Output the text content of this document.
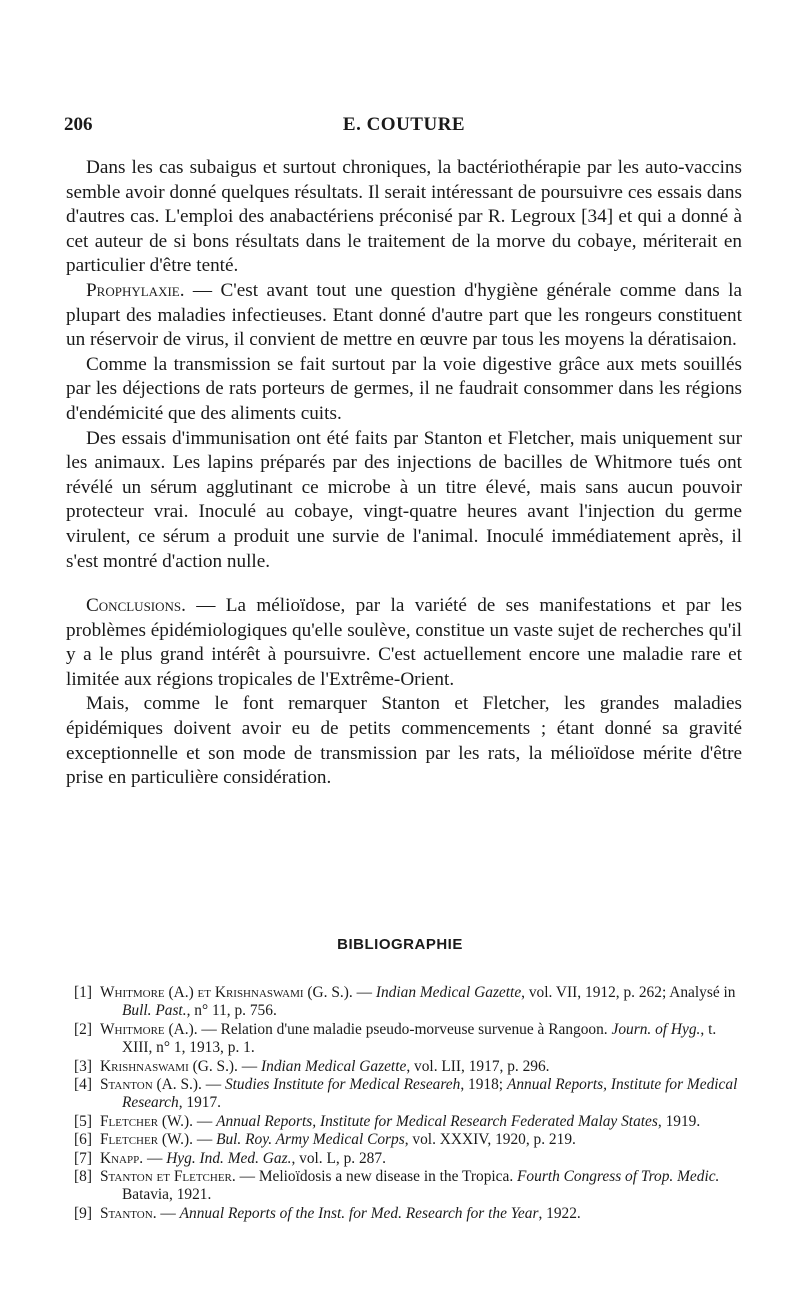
206	E. COUTURE

Dans les cas subaigus et surtout chroniques, la bactériothérapie par les auto-vaccins semble avoir donné quelques résultats. Il serait intéressant de poursuivre ces essais dans d'autres cas. L'emploi des anabactériens préconisé par R. Legroux [34] et qui a donné à cet auteur de si bons résultats dans le traitement de la morve du cobaye, mériterait en particulier d'être tenté.

Prophylaxie. — C'est avant tout une question d'hygiène générale comme dans la plupart des maladies infectieuses. Etant donné d'autre part que les rongeurs constituent un réservoir de virus, il convient de mettre en œuvre par tous les moyens la dératisaion.

Comme la transmission se fait surtout par la voie digestive grâce aux mets souillés par les déjections de rats porteurs de germes, il ne faudrait consommer dans les régions d'endémicité que des aliments cuits.

Des essais d'immunisation ont été faits par Stanton et Fletcher, mais uniquement sur les animaux. Les lapins préparés par des injections de bacilles de Whitmore tués ont révélé un sérum agglutinant ce microbe à un titre élevé, mais sans aucun pouvoir protecteur vrai. Inoculé au cobaye, vingt-quatre heures avant l'injection du germe virulent, ce sérum a produit une survie de l'animal. Inoculé immédiatement après, il s'est montré d'action nulle.

Conclusions. — La mélioïdose, par la variété de ses manifestations et par les problèmes épidémiologiques qu'elle soulève, constitue un vaste sujet de recherches qu'il y a le plus grand intérêt à poursuivre. C'est actuellement encore une maladie rare et limitée aux régions tropicales de l'Extrême-Orient.

Mais, comme le font remarquer Stanton et Fletcher, les grandes maladies épidémiques doivent avoir eu de petits commencements ; étant donné sa gravité exceptionnelle et son mode de transmission par les rats, la mélioïdose mérite d'être prise en particulière considération.

BIBLIOGRAPHIE
[1] Whitmore (A.) et Krishnaswami (G. S.). — Indian Medical Gazette, vol. VII, 1912, p. 262; Analysé in Bull. Past., n° 11, p. 756.
[2] Whitmore (A.). — Relation d'une maladie pseudo-morveuse survenue à Rangoon. Journ. of Hyg., t. XIII, n° 1, 1913, p. 1.
[3] Krishnaswami (G. S.). — Indian Medical Gazette, vol. LII, 1917, p. 296.
[4] Stanton (A. S.). — Studies Institute for Medical Researeh, 1918; Annual Reports, Institute for Medical Research, 1917.
[5] Fletcher (W.). — Annual Reports, Institute for Medical Research Federated Malay States, 1919.
[6] Fletcher (W.). — Bul. Roy. Army Medical Corps, vol. XXXIV, 1920, p. 219.
[7] Knapp. — Hyg. Ind. Med. Gaz., vol. L, p. 287.
[8] Stanton et Fletcher. — Melioïdosis a new disease in the Tropica. Fourth Congress of Trop. Medic. Batavia, 1921.
[9] Stanton. — Annual Reports of the Inst. for Med. Research for the Year, 1922.
